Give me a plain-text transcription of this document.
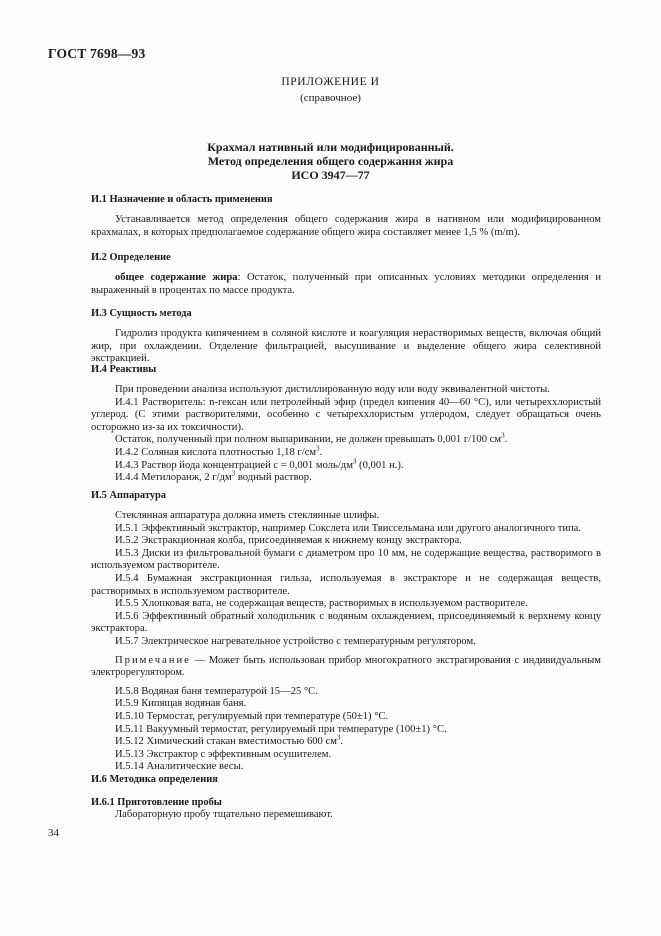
ГОСТ 7698—93
ПРИЛОЖЕНИЕ И
(справочное)
Крахмал нативный или модифицированный.
Метод определения общего содержания жира
ИСО 3947—77
И.1 Назначение и область применения
Устанавливается метод определения общего содержания жира в нативном или модифицированном крахмалах, в которых предполагаемое содержание общего жира составляет менее 1,5 % (m/m).
И.2 Определение
общее содержание жира: Остаток, полученный при описанных условиях методики определения и выраженный в процентах по массе продукта.
И.3 Сущность метода
Гидролиз продукта кипячением в соляной кислоте и коагуляция нерастворимых веществ, включая общий жир, при охлаждении. Отделение фильтрацией, высушивание и выделение общего жира селективной экстракцией.
И.4 Реактивы

При проведении анализа используют дистиллированную воду или воду эквивалентной чистоты.

И.4.1 Растворитель: n-гексан или петролейный эфир (предел кипения 40—60 °С), или четыреххлористый углерод. (С этими растворителями, особенно с четыреххлористым углеродом, следует обращаться очень осторожно из-за их токсичности).

Остаток, полученный при полном выпаривании, не должен превышать 0,001 г/100 $см^3$.

И.4.2 Соляная кислота плотностью 1,18 $г/см^3$.

И.4.3 Раствор йода концентрацией c = 0,001 моль/$дм^3$ (0,001 н.).

И.4.4 Метилоранж, 2 $г/дм^3$ водный раствор.

И.5 Аппаратура

Стеклянная аппаратура должна иметь стеклянные шлифы.

И.5.1 Эффективный экстрактор, например Сокслета или Твиссельмана или другого аналогичного типа.

И.5.2 Экстракционная колба, присоединяемая к нижнему концу экстрактора.

И.5.3 Диски из фильтровальной бумаги с диаметром про 10 мм, не содержащие вещества, растворимого в используемом растворителе.

И.5.4 Бумажная экстракционная гильза, используемая в экстракторе и не содержащая веществ, растворимых в используемом растворителе.

И.5.5 Хлопковая вата, не содержащая веществ, растворимых в используемом растворителе.

И.5.6 Эффективный обратный холодильник с водяным охлаждением, присоединяемый к верхнему концу экстрактора.

И.5.7 Электрическое нагревательное устройство с температурным регулятором.

Примечание — Может быть использован прибор многократного экстрагирования с индивидуальным электрорегулятором.

И.5.8 Водяная баня температурой 15—25 °С.

И.5.9 Кипящая водяная баня.

И.5.10 Термостат, регулируемый при температуре (50±1) °С.

И.5.11 Вакуумный термостат, регулируемый при температуре (100±1) °С.

И.5.12 Химический стакан вместимостью 600 $см^3$.

И.5.13 Экстрактор с эффективным осушителем.

И.5.14 Аналитические весы.

И.6 Методика определения
И.6.1 Приготовление пробы
Лабораторную пробу тщательно перемешивают.
34
